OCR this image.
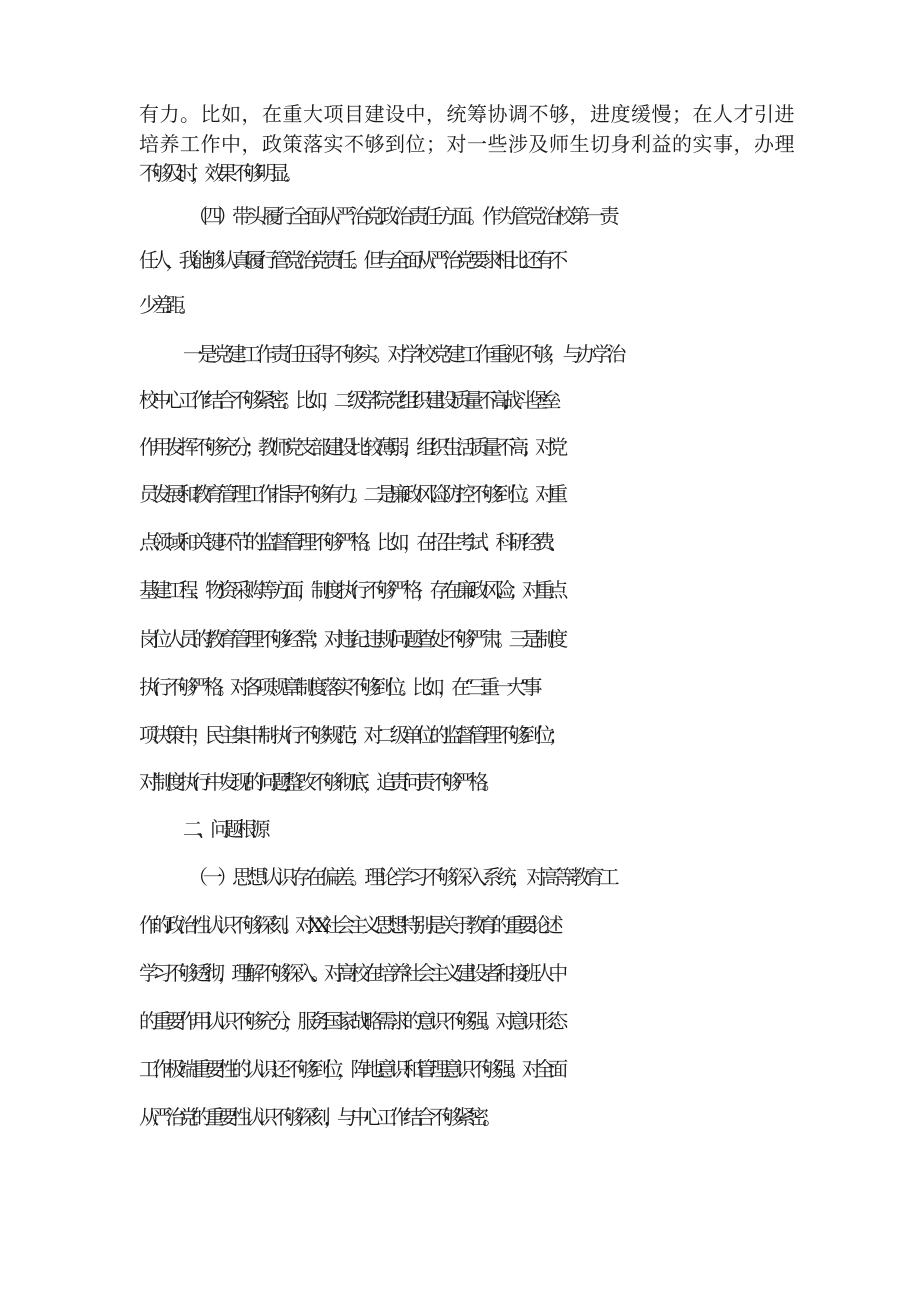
有力。比如，在重大项目建设中，统筹协调不够，进度缓慢；在人才引进

培养工作中，政策落实不够到位；对一些涉及师生切身利益的实事，办理

不够及时，效果不够明显。

（四）带头履行全面从严治党政治责任方面。作为管党治校第一责

任人，我能够认真履行管党治党责任。但与全面从严治党要求相比还有不

少差距。

一是党建工作责任压得不够实。对学校党建工作重视不够，与办学治

校中心工作结合不够紧密。比如，二级学院党组织建设质量不高,战斗堡垒

作用发挥不够充分；教师党支部建设比较薄弱，组织生活质量不高；对党

员发展和教育管理工作指导不够有力。二是廉政风险防控不够到位。对重

点领域和关键环节的监督管理不够严格。比如，在招生考试、科研经费、

基建工程、物资采购等方面，制度执行不够严格，存在廉政风险；对重点

岗位人员的教育管理不够经常；对违纪违规问题查处不够严肃。三是制度

执行不够严格。对各项规章制度落实不够到位。比如，在“三重一大”事

项决策中，民主集中制执行不够规范；对二级单位的监督管理不够到位；

对制度执行中发现的问题,整改不够彻底，追责问责不够严格。

二、问题根源

（一）思想认识存在偏差。理论学习不够深入系统，对高等教育工

作的政治性认识不够深刻。对XX社会主义思想特别是关于教育的重要论述

学习不够透彻，理解不够深入。对高校在培养社会主义建设者和接班人中

的重要作用认识不够充分，服务国家战略需求的意识不够强。对意识形态

工作极端重要性的认识还不够到位，阵地意识和管理意识不够强。对全面

从严治党的重要性认识不够深刻，与中心工作结合不够紧密。
